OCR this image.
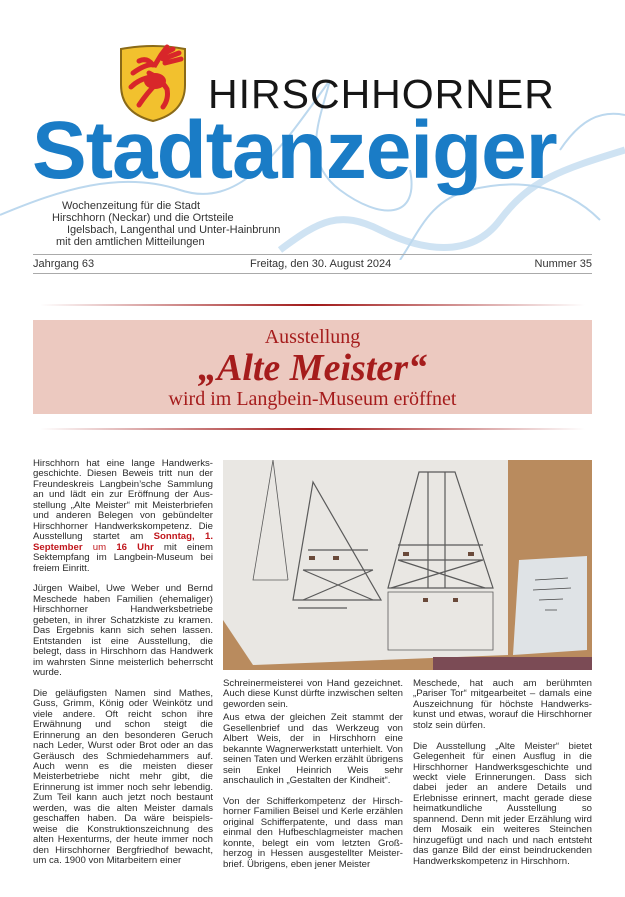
HIRSCHHORNER
Stadtanzeiger
Wochenzeitung für die Stadt
Hirschhorn (Neckar) und die Ortsteile
Igelsbach, Langenthal und Unter-Hainbrunn
mit den amtlichen Mitteilungen
Jahrgang 63	Freitag, den 30. August 2024	Nummer 35
Ausstellung
„Alte Meister“
wird im Langbein-Museum eröffnet

Hirschhorn hat eine lange Handwerksgeschichte. Diesen Beweis tritt nun der Freundeskreis Langbein’sche Sammlung an und lädt ein zur Eröffnung der Ausstellung „Alte Meister“ mit Meisterbriefen und anderen Belegen von gebündelter Hirschhorner Handwerkskompetenz. Die Ausstellung startet am Sonntag, 1. September um 16 Uhr mit einem Sektempfang im Langbein-Museum bei freiem Einritt.

Jürgen Waibel, Uwe Weber und Bernd Meschede haben Familien (ehemaliger) Hirschhorner Handwerksbetriebe gebeten, in ihrer Schatzkiste zu kramen. Das Ergebnis kann sich sehen lassen. Entstanden ist eine Ausstellung, die belegt, dass in Hirschhorn das Handwerk im wahrsten Sinne meisterlich beherrscht wurde.

Die geläufigsten Namen sind Mathes, Guss, Grimm, König oder Weinkötz und viele andere. Oft reicht schon ihre Erwähnung und schon steigt die Erinnerung an den besonderen Geruch nach Leder, Wurst oder Brot oder an das Geräusch des Schmiedehammers auf. Auch wenn es die meisten dieser Meisterbetriebe nicht mehr gibt, die Erinnerung ist immer noch sehr lebendig. Zum Teil kann auch jetzt noch bestaunt werden, was die alten Meister damals geschaffen haben. Da wäre beispielsweise die Konstruktionszeichnung des alten Hexenturms, der heute immer noch den Hirschhorner Bergfriedhof bewacht, um ca. 1900 von Mitarbeitern einer

Schreinermeisterei von Hand gezeichnet. Auch diese Kunst dürfte inzwischen selten geworden sein.

Aus etwa der gleichen Zeit stammt der Gesellenbrief und das Werkzeug von Albert Weis, der in Hirschhorn eine bekannte Wagnerwerkstatt unterhielt. Von seinen Taten und Werken erzählt übrigens sein Enkel Heinrich Weis sehr anschaulich in „Gestalten der Kindheit“.

Von der Schifferkompetenz der Hirschhorner Familien Beisel und Kerle erzählen original Schifferpatente, und dass man einmal den Hufbeschlagmeister machen konnte, belegt ein vom letzten Großherzog in Hessen ausgestellter Meisterbrief. Übrigens, eben jener Meister

Meschede, hat auch am berühmten „Pariser Tor“ mitgearbeitet – damals eine Auszeichnung für höchste Handwerkskunst und etwas, worauf die Hirschhorner stolz sein dürfen.

Die Ausstellung „Alte Meister“ bietet Gelegenheit für einen Ausflug in die Hirschhorner Handwerksgeschichte und weckt viele Erinnerungen. Dass sich dabei jeder an andere Details und Erlebnisse erinnert, macht gerade diese heimatkundliche Ausstellung so spannend. Denn mit jeder Erzählung wird dem Mosaik ein weiteres Steinchen hinzugefügt und nach und nach entsteht das ganze Bild der einst beindruckenden Handwerkskompetenz in Hirschhorn.
